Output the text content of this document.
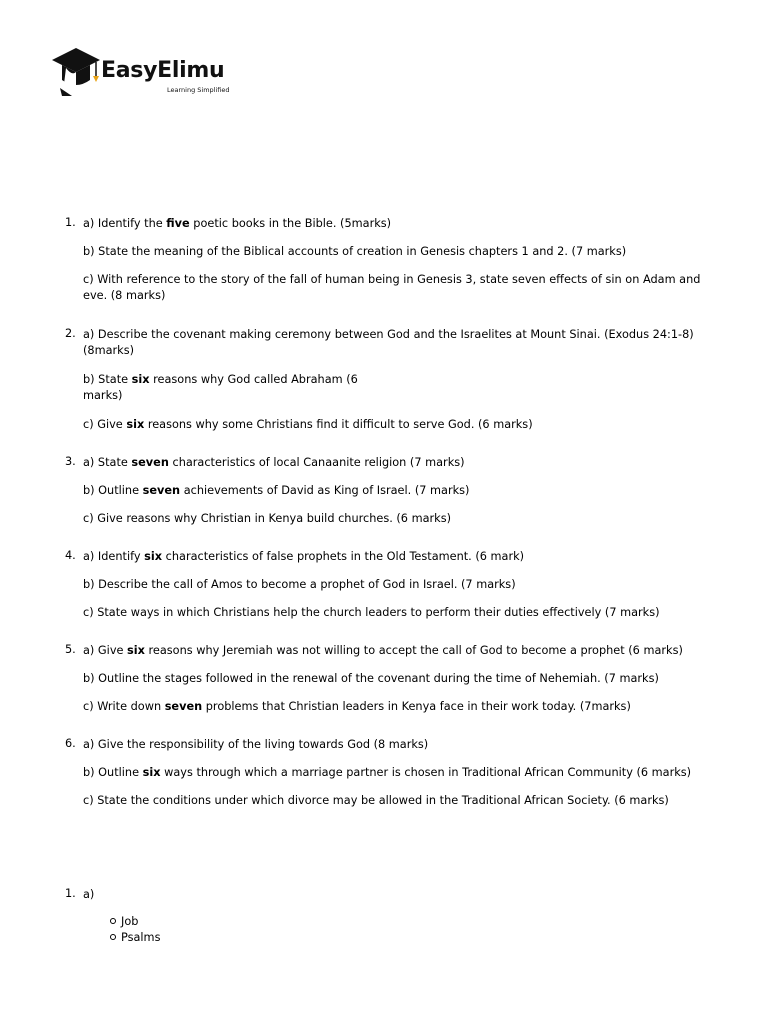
EasyElimu
Learning Simplified
1. a) Identify the five poetic books in the Bible. (5marks)
b) State the meaning of the Biblical accounts of creation in Genesis chapters 1 and 2. (7 marks)
c) With reference to the story of the fall of human being in Genesis 3, state seven effects of sin on Adam and eve. (8 marks)
2. a) Describe the covenant making ceremony between God and the Israelites at Mount Sinai. (Exodus 24:1-8) (8marks)
b) State six reasons why God called Abraham (6 marks)
c) Give six reasons why some Christians find it difficult to serve God. (6 marks)
3. a) State seven characteristics of local Canaanite religion (7 marks)
b) Outline seven achievements of David as King of Israel. (7 marks)
c) Give reasons why Christian in Kenya build churches. (6 marks)
4. a) Identify six characteristics of false prophets in the Old Testament. (6 mark)
b) Describe the call of Amos to become a prophet of God in Israel. (7 marks)
c) State ways in which Christians help the church leaders to perform their duties effectively (7 marks)
5. a) Give six reasons why Jeremiah was not willing to accept the call of God to become a prophet (6 marks)
b) Outline the stages followed in the renewal of the covenant during the time of Nehemiah. (7 marks)
c) Write down seven problems that Christian leaders in Kenya face in their work today. (7marks)
6. a) Give the responsibility of the living towards God (8 marks)
b) Outline six ways through which a marriage partner is chosen in Traditional African Community (6 marks)
c) State the conditions under which divorce may be allowed in the Traditional African Society. (6 marks)
1. a)
Job
Psalms
